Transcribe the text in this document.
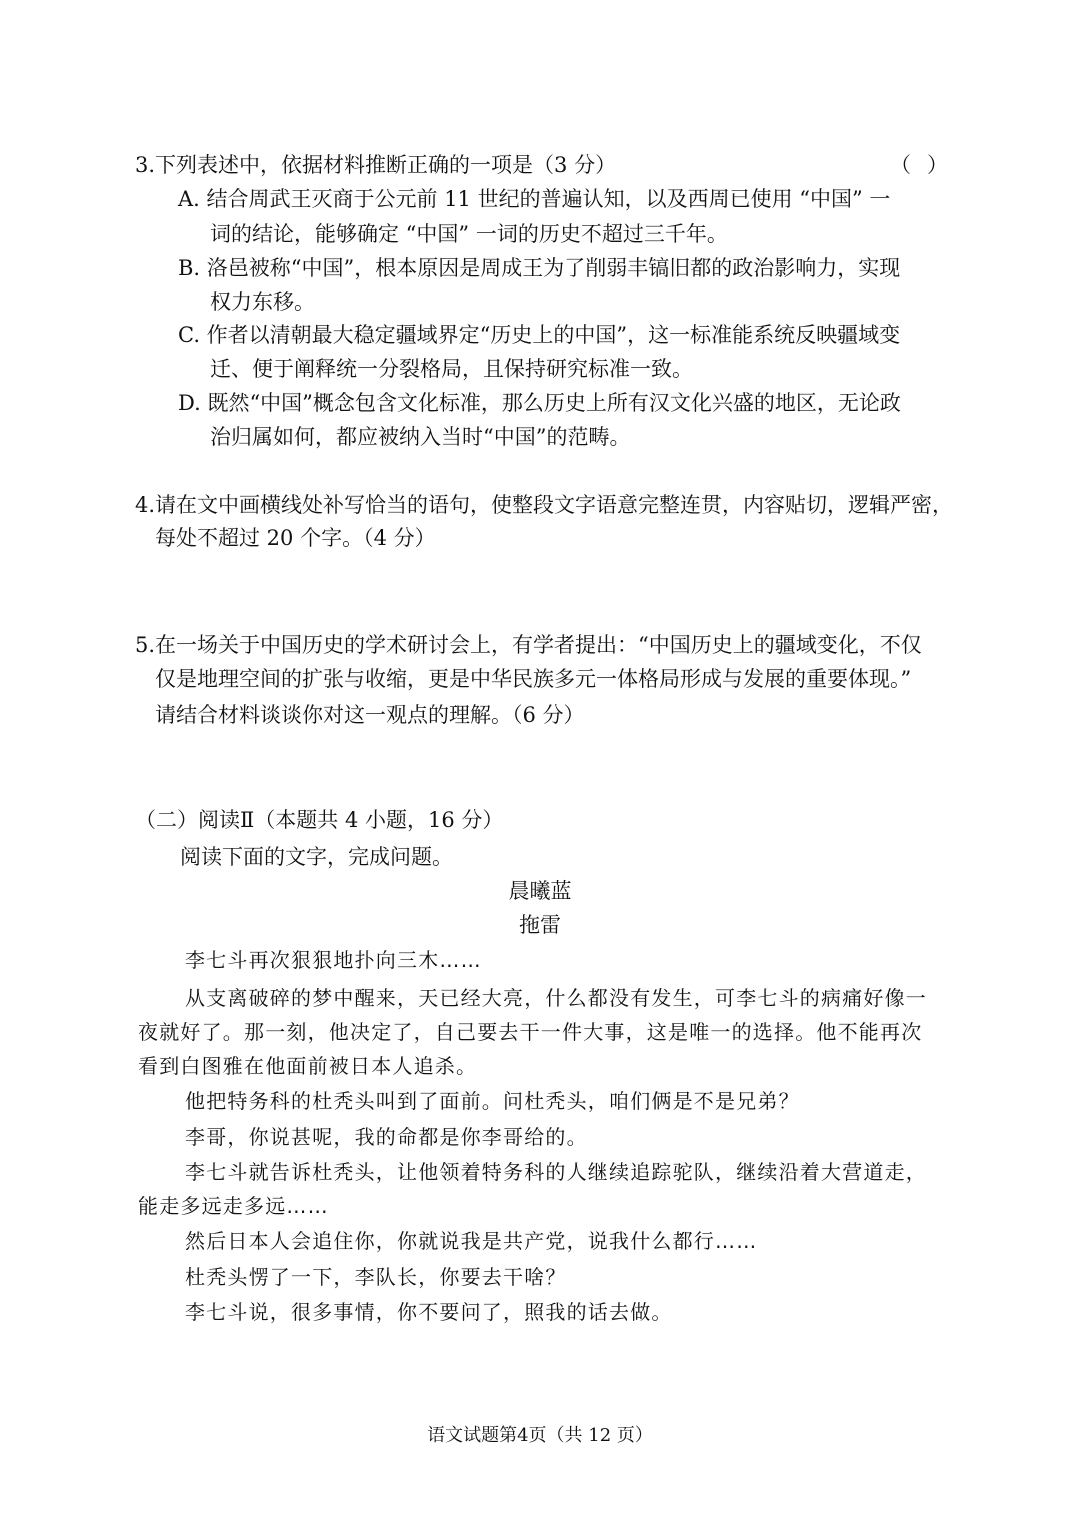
3.下列表述中，依据材料推断正确的一项是（3 分）	（ ）
A. 结合周武王灭商于公元前 11 世纪的普遍认知，以及西周已使用 “中国” 一
词的结论，能够确定 “中国” 一词的历史不超过三千年。
B. 洛邑被称“中国”，根本原因是周成王为了削弱丰镐旧都的政治影响力，实现
权力东移。
C. 作者以清朝最大稳定疆域界定“历史上的中国”，这一标准能系统反映疆域变
迁、便于阐释统一分裂格局，且保持研究标准一致。
D. 既然“中国”概念包含文化标准，那么历史上所有汉文化兴盛的地区，无论政
治归属如何，都应被纳入当时“中国”的范畴。
4.请在文中画横线处补写恰当的语句，使整段文字语意完整连贯，内容贴切，逻辑严密，
每处不超过 20 个字。（4 分）
5.在一场关于中国历史的学术研讨会上，有学者提出：“中国历史上的疆域变化，不仅
仅是地理空间的扩张与收缩，更是中华民族多元一体格局形成与发展的重要体现。”
请结合材料谈谈你对这一观点的理解。（6 分）
（二）阅读Ⅱ（本题共 4 小题，16 分）
阅读下面的文字，完成问题。
晨曦蓝
拖雷
李七斗再次狠狠地扑向三木……
从支离破碎的梦中醒来，天已经大亮，什么都没有发生，可李七斗的病痛好像一
夜就好了。那一刻，他决定了，自己要去干一件大事，这是唯一的选择。他不能再次
看到白图雅在他面前被日本人追杀。
他把特务科的杜秃头叫到了面前。问杜秃头，咱们俩是不是兄弟？
李哥，你说甚呢，我的命都是你李哥给的。
李七斗就告诉杜秃头，让他领着特务科的人继续追踪驼队，继续沿着大营道走，
能走多远走多远……
然后日本人会追住你，你就说我是共产党，说我什么都行……
杜秃头愣了一下，李队长，你要去干啥？
李七斗说，很多事情，你不要问了，照我的话去做。
语文试题第4页（共 12 页）
